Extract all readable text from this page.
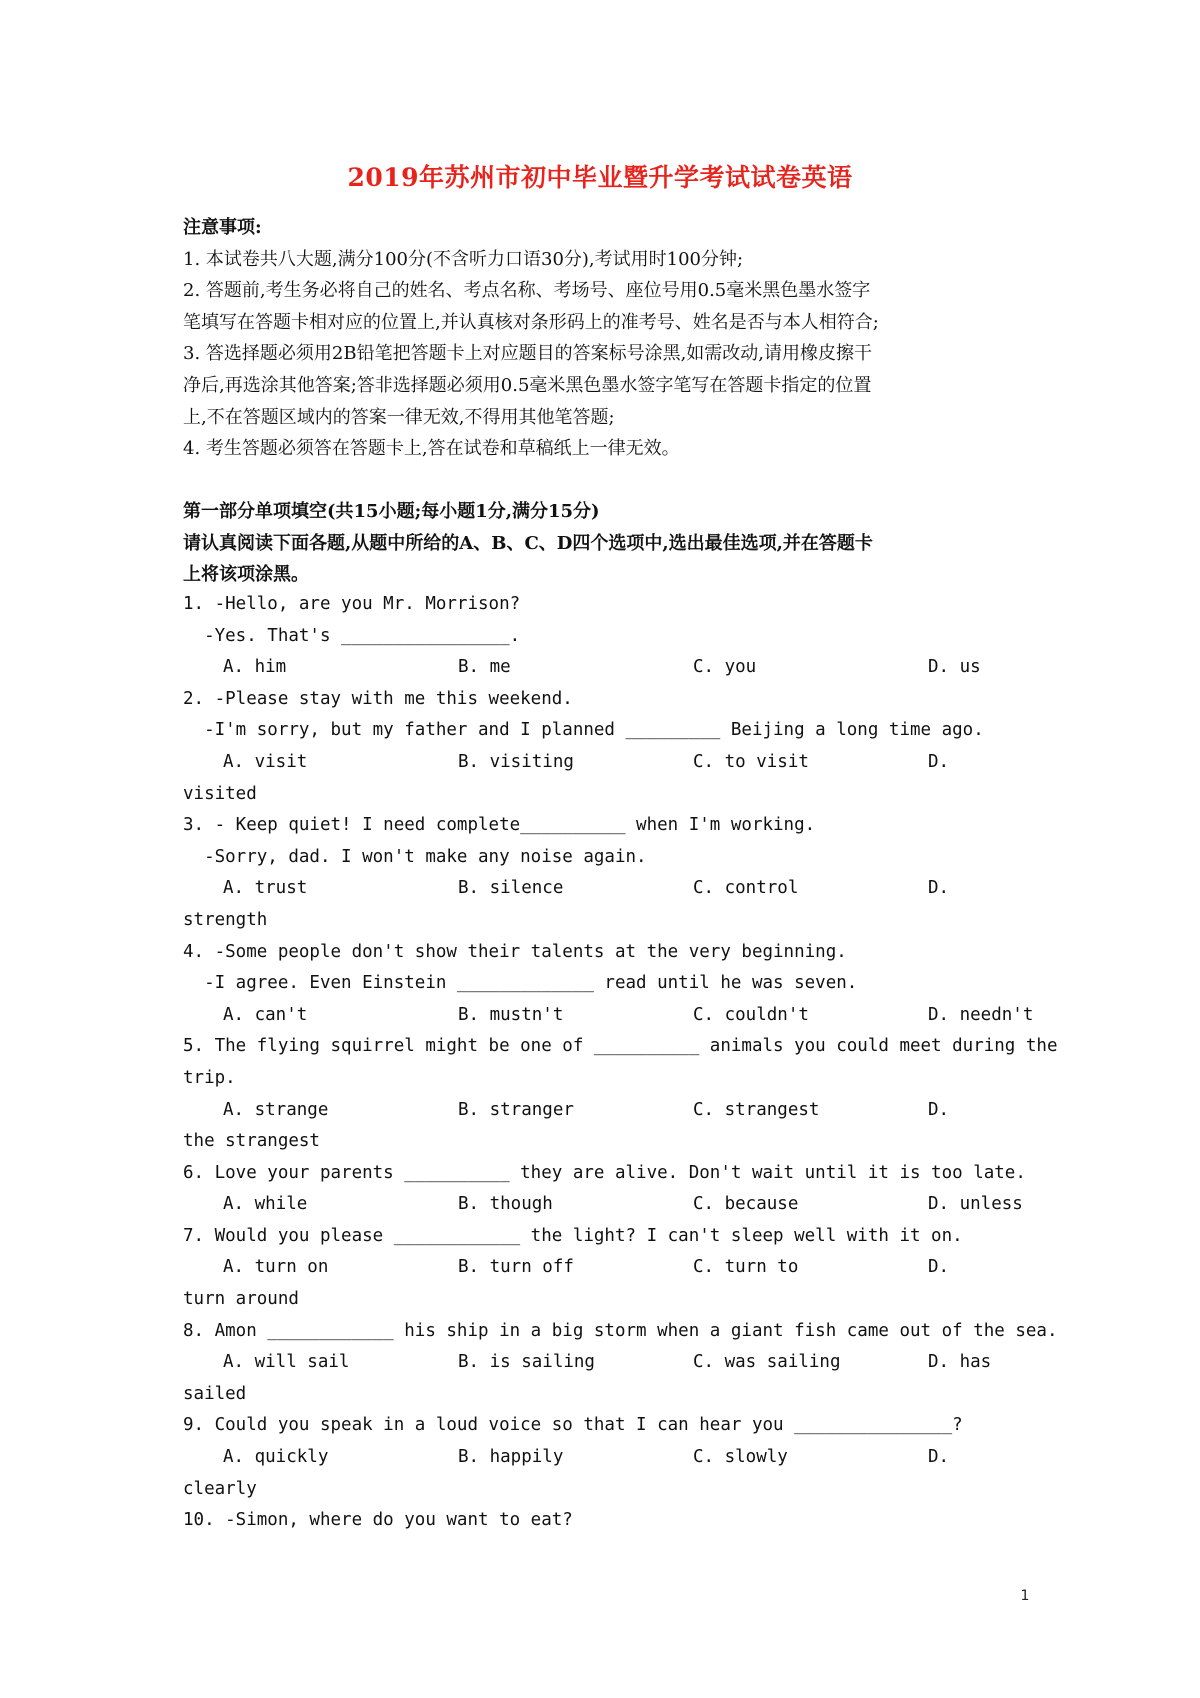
2019年苏州市初中毕业暨升学考试试卷英语
注意事项:
1. 本试卷共八大题,满分100分(不含听力口语30分),考试用时100分钟;
2. 答题前,考生务必将自己的姓名、考点名称、考场号、座位号用0.5毫米黑色墨水签字
笔填写在答题卡相对应的位置上,并认真核对条形码上的准考号、姓名是否与本人相符合;
3. 答选择题必须用2B铅笔把答题卡上对应题目的答案标号涂黑,如需改动,请用橡皮擦干
净后,再选涂其他答案;答非选择题必须用0.5毫米黑色墨水签字笔写在答题卡指定的位置
上,不在答题区域内的答案一律无效,不得用其他笔答题;
4. 考生答题必须答在答题卡上,答在试卷和草稿纸上一律无效。
第一部分单项填空(共15小题;每小题1分,满分15分)
请认真阅读下面各题,从题中所给的A、B、C、D四个选项中,选出最佳选项,并在答题卡
上将该项涂黑。
1. -Hello, are you Mr. Morrison?
-Yes. That's ________________.
A. him	B. me	C. you	D. us
2. -Please stay with me this weekend.
-I'm sorry, but my father and I planned _________ Beijing a long time ago.
A. visit	B. visiting	C. to visit	D.
visited
3. - Keep quiet! I need complete__________ when I'm working.
-Sorry, dad. I won't make any noise again.
A. trust	B. silence	C. control	D.
strength
4. -Some people don't show their talents at the very beginning.
-I agree. Even Einstein _____________ read until he was seven.
A. can't	B. mustn't	C. couldn't	D. needn't
5. The flying squirrel might be one of __________ animals you could meet during the
trip.
A. strange	B. stranger	C. strangest	D.
the strangest
6. Love your parents __________ they are alive. Don't wait until it is too late.
A. while	B. though	C. because	D. unless
7. Would you please ____________ the light? I can't sleep well with it on.
A. turn on	B. turn off	C. turn to	D.
turn around
8. Amon ____________ his ship in a big storm when a giant fish came out of the sea.
A. will sail	B. is sailing	C. was sailing	D. has
sailed
9. Could you speak in a loud voice so that I can hear you _______________?
A. quickly	B. happily	C. slowly	D.
clearly
10. -Simon, where do you want to eat?
1
